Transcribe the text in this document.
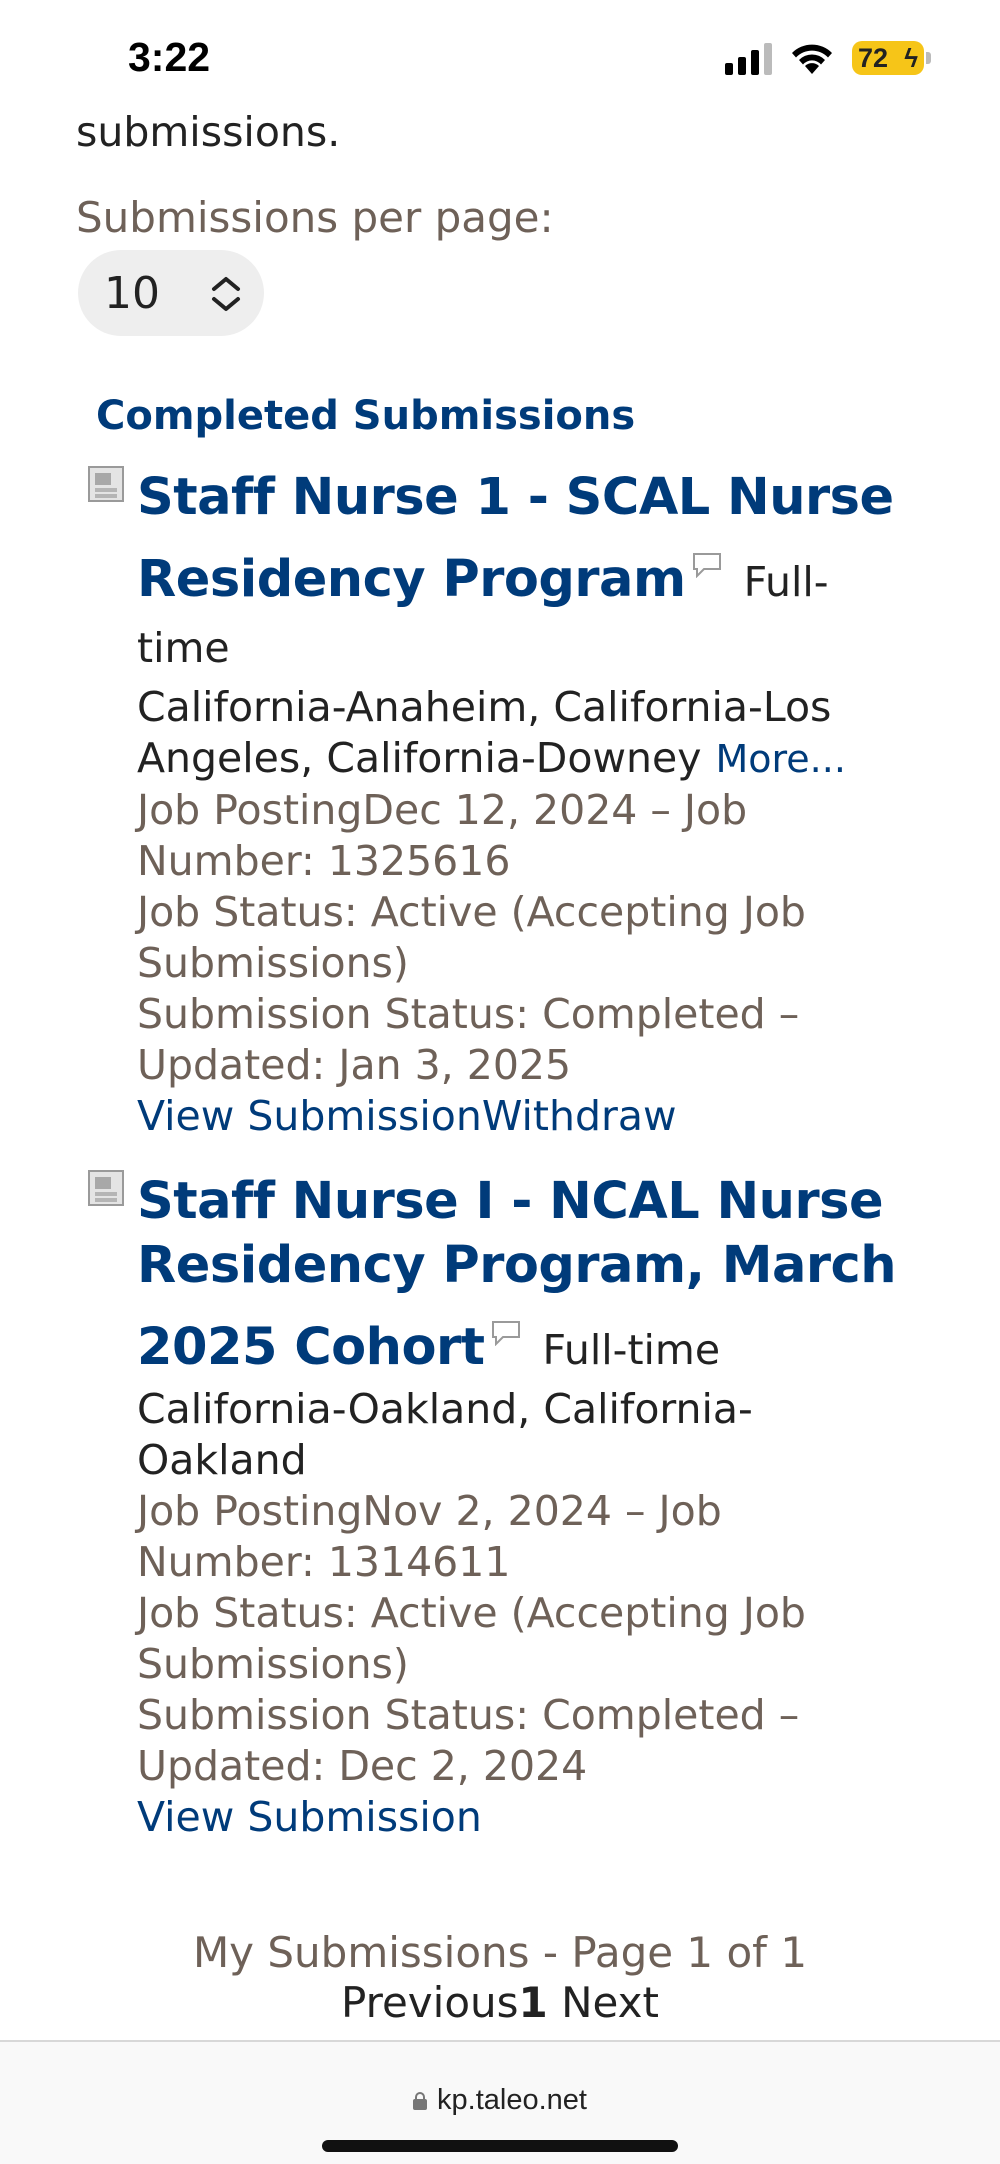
3:22	72 ϟ
submissions.
Submissions per page:
10
Completed Submissions
Staff Nurse 1 - SCAL Nurse Residency Program Full-time
California-Anaheim, California-Los Angeles, California-Downey More...
Job PostingDec 12, 2024 – Job Number: 1325616
Job Status: Active (Accepting Job Submissions)
Submission Status: Completed – Updated: Jan 3, 2025
View SubmissionWithdraw
Staff Nurse I - NCAL Nurse Residency Program, March 2025 Cohort Full-time
California-Oakland, California-Oakland
Job PostingNov 2, 2024 – Job Number: 1314611
Job Status: Active (Accepting Job Submissions)
Submission Status: Completed – Updated: Dec 2, 2024
View Submission
My Submissions - Page 1 of 1
Previous1 Next
kp.taleo.net
